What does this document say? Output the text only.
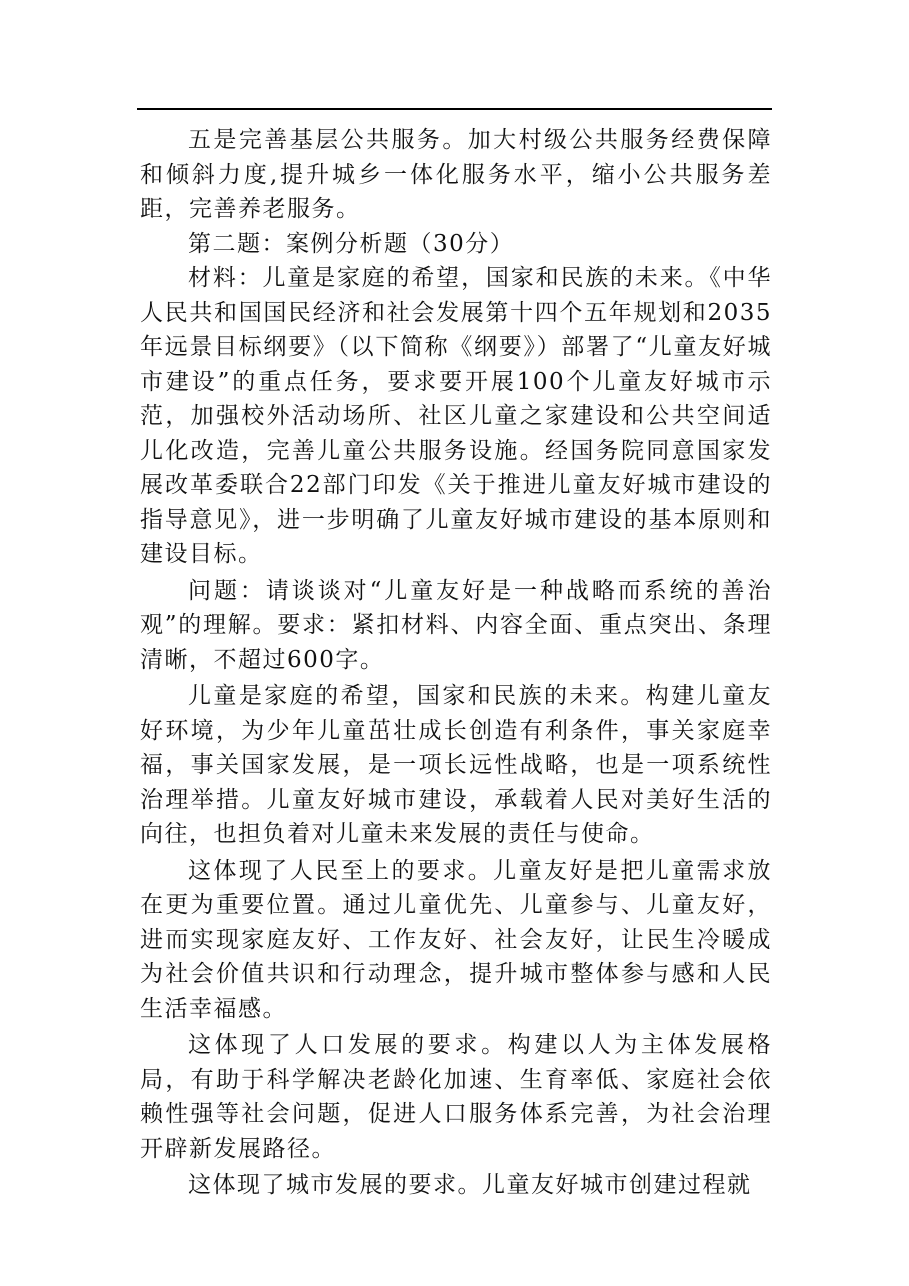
五是完善基层公共服务。加大村级公共服务经费保障和倾斜力度,提升城乡一体化服务水平，缩小公共服务差距，完善养老服务。

第二题：案例分析题（30分）

材料：儿童是家庭的希望，国家和民族的未来。《中华人民共和国国民经济和社会发展第十四个五年规划和2035年远景目标纲要》（以下简称《纲要》）部署了“儿童友好城市建设”的重点任务，要求要开展100个儿童友好城市示范，加强校外活动场所、社区儿童之家建设和公共空间适儿化改造，完善儿童公共服务设施。经国务院同意国家发展改革委联合22部门印发《关于推进儿童友好城市建设的指导意见》，进一步明确了儿童友好城市建设的基本原则和建设目标。

问题：请谈谈对“儿童友好是一种战略而系统的善治观”的理解。要求：紧扣材料、内容全面、重点突出、条理清晰，不超过600字。

儿童是家庭的希望，国家和民族的未来。构建儿童友好环境，为少年儿童茁壮成长创造有利条件，事关家庭幸福，事关国家发展，是一项长远性战略，也是一项系统性治理举措。儿童友好城市建设，承载着人民对美好生活的向往，也担负着对儿童未来发展的责任与使命。

这体现了人民至上的要求。儿童友好是把儿童需求放在更为重要位置。通过儿童优先、儿童参与、儿童友好，进而实现家庭友好、工作友好、社会友好，让民生冷暖成为社会价值共识和行动理念，提升城市整体参与感和人民生活幸福感。

这体现了人口发展的要求。构建以人为主体发展格局，有助于科学解决老龄化加速、生育率低、家庭社会依赖性强等社会问题，促进人口服务体系完善，为社会治理开辟新发展路径。

这体现了城市发展的要求。儿童友好城市创建过程就
